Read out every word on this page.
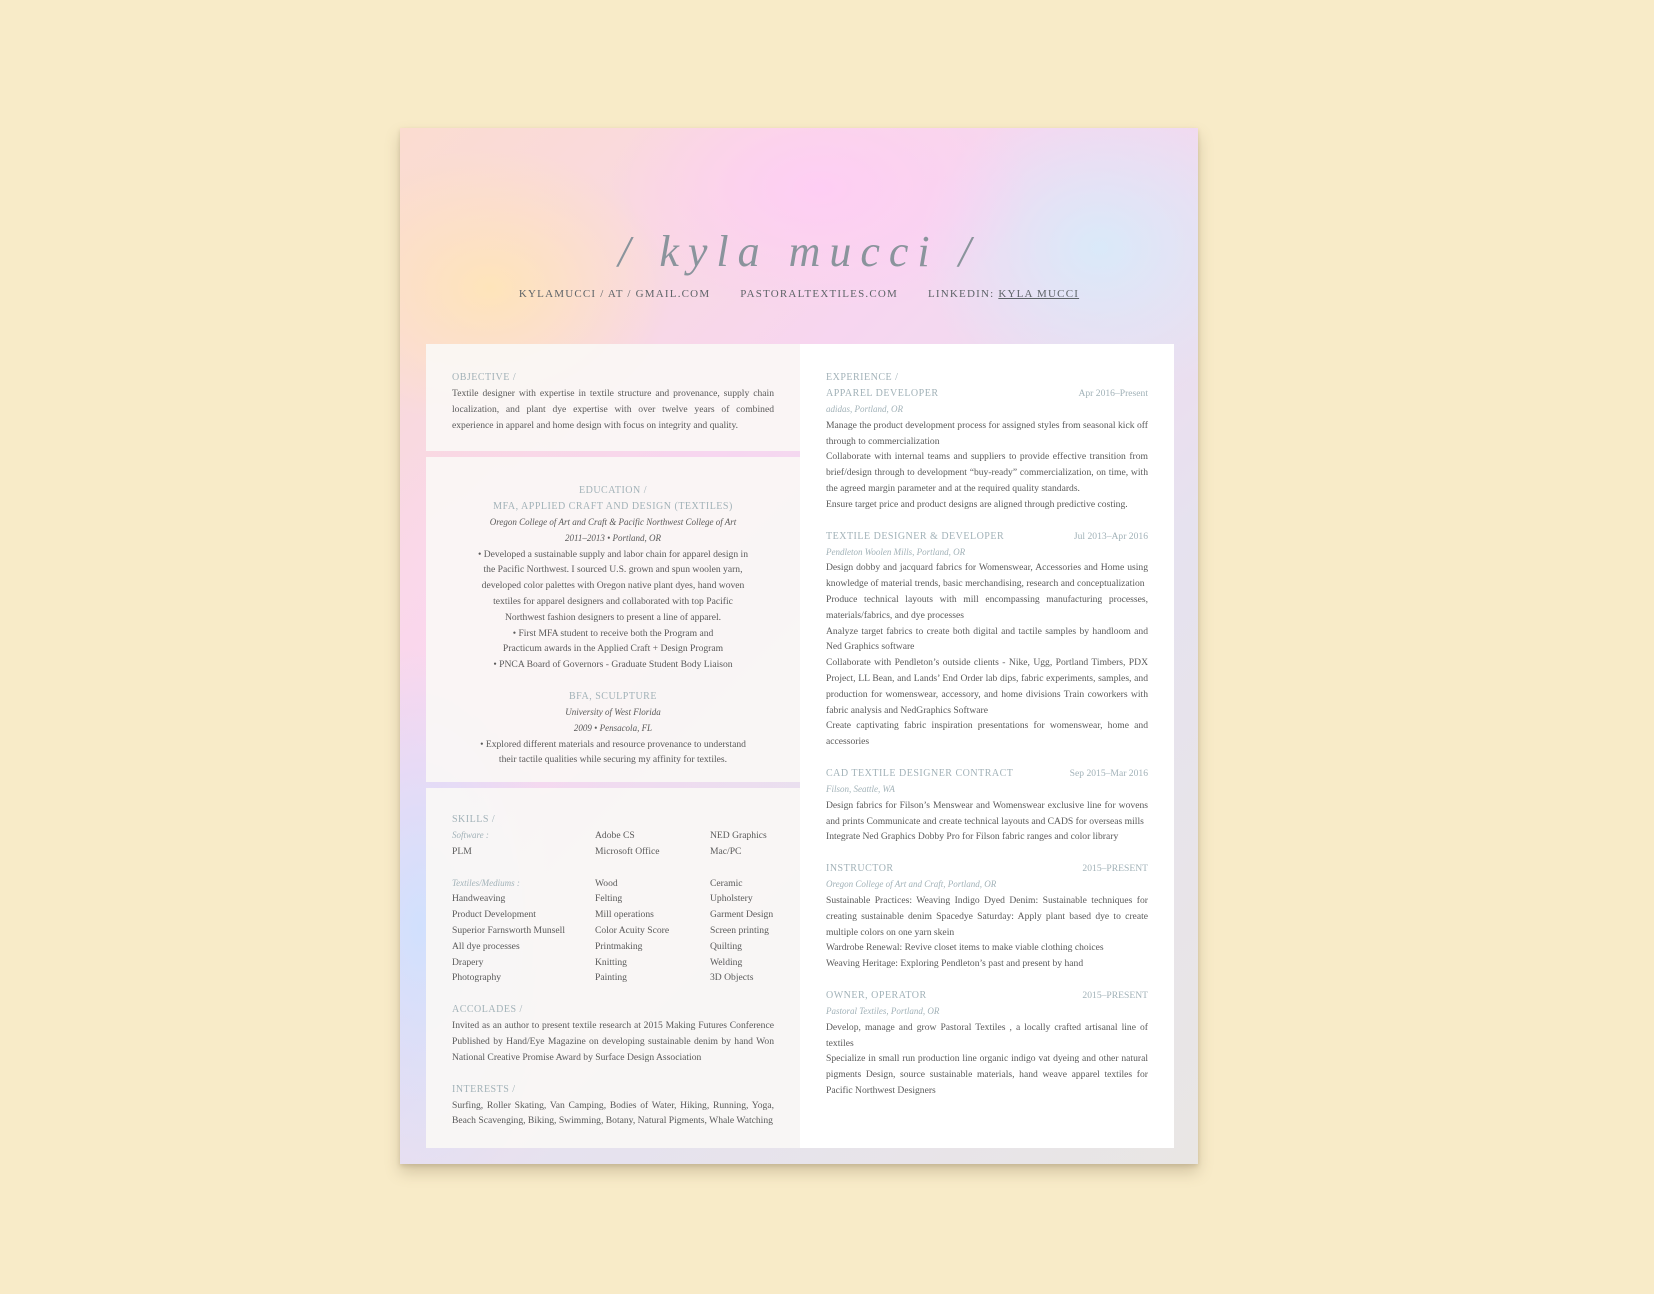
/ kyla mucci /
KYLAMUCCI / AT / GMAIL.COM	PASTORALTEXTILES.COM	LINKEDIN: KYLA MUCCI
OBJECTIVE /
Textile designer with expertise in textile structure and provenance, supply chain localization, and plant dye expertise with over twelve years of combined experience in apparel and home design with focus on integrity and quality.
EDUCATION /
MFA, APPLIED CRAFT AND DESIGN (TEXTILES)
Oregon College of Art and Craft & Pacific Northwest College of Art
2011–2013 • Portland, OR
• Developed a sustainable supply and labor chain for apparel design in the Pacific Northwest. I sourced U.S. grown and spun woolen yarn, developed color palettes with Oregon native plant dyes, hand woven textiles for apparel designers and collaborated with top Pacific Northwest fashion designers to present a line of apparel.
• First MFA student to receive both the Program and Practicum awards in the Applied Craft + Design Program
• PNCA Board of Governors - Graduate Student Body Liaison
BFA, SCULPTURE
University of West Florida
2009 • Pensacola, FL
• Explored different materials and resource provenance to understand their tactile qualities while securing my affinity for textiles.
SKILLS /
Software :	Adobe CS	NED Graphics
PLM	Microsoft Office	Mac/PC
Textiles/Mediums :	Wood	Ceramic
Handweaving	Felting	Upholstery
Product Development	Mill operations	Garment Design
Superior Farnsworth Munsell	Color Acuity Score	Screen printing
All dye processes	Printmaking	Quilting
Drapery	Knitting	Welding
Photography	Painting	3D Objects
ACCOLADES /
Invited as an author to present textile research at 2015 Making Futures Conference Published by Hand/Eye Magazine on developing sustainable denim by hand Won National Creative Promise Award by Surface Design Association
INTERESTS /
Surfing, Roller Skating, Van Camping, Bodies of Water, Hiking, Running, Yoga, Beach Scavenging, Biking, Swimming, Botany, Natural Pigments, Whale Watching
EXPERIENCE /
APPAREL DEVELOPER	Apr 2016–Present
adidas, Portland, OR
Manage the product development process for assigned styles from seasonal kick off through to commercialization
Collaborate with internal teams and suppliers to provide effective transition from brief/design through to development “buy-ready” commercialization, on time, with the agreed margin parameter and at the required quality standards.
Ensure target price and product designs are aligned through predictive costing.
TEXTILE DESIGNER & DEVELOPER	Jul 2013–Apr 2016
Pendleton Woolen Mills, Portland, OR
Design dobby and jacquard fabrics for Womenswear, Accessories and Home using knowledge of material trends, basic merchandising, research and conceptualization
Produce technical layouts with mill encompassing manufacturing processes, materials/fabrics, and dye processes
Analyze target fabrics to create both digital and tactile samples by handloom and Ned Graphics software
Collaborate with Pendleton’s outside clients - Nike, Ugg, Portland Timbers, PDX Project, LL Bean, and Lands’ End Order lab dips, fabric experiments, samples, and production for womenswear, accessory, and home divisions Train coworkers with fabric analysis and NedGraphics Software
Create captivating fabric inspiration presentations for womenswear, home and accessories
CAD TEXTILE DESIGNER CONTRACT	Sep 2015–Mar 2016
Filson, Seattle, WA
Design fabrics for Filson’s Menswear and Womenswear exclusive line for wovens and prints Communicate and create technical layouts and CADS for overseas mills
Integrate Ned Graphics Dobby Pro for Filson fabric ranges and color library
INSTRUCTOR	2015–PRESENT
Oregon College of Art and Craft, Portland, OR
Sustainable Practices: Weaving Indigo Dyed Denim: Sustainable techniques for creating sustainable denim Spacedye Saturday: Apply plant based dye to create multiple colors on one yarn skein
Wardrobe Renewal: Revive closet items to make viable clothing choices
Weaving Heritage: Exploring Pendleton’s past and present by hand
OWNER, OPERATOR	2015–PRESENT
Pastoral Textiles, Portland, OR
Develop, manage and grow Pastoral Textiles , a locally crafted artisanal line of textiles
Specialize in small run production line organic indigo vat dyeing and other natural pigments Design, source sustainable materials, hand weave apparel textiles for Pacific Northwest Designers
